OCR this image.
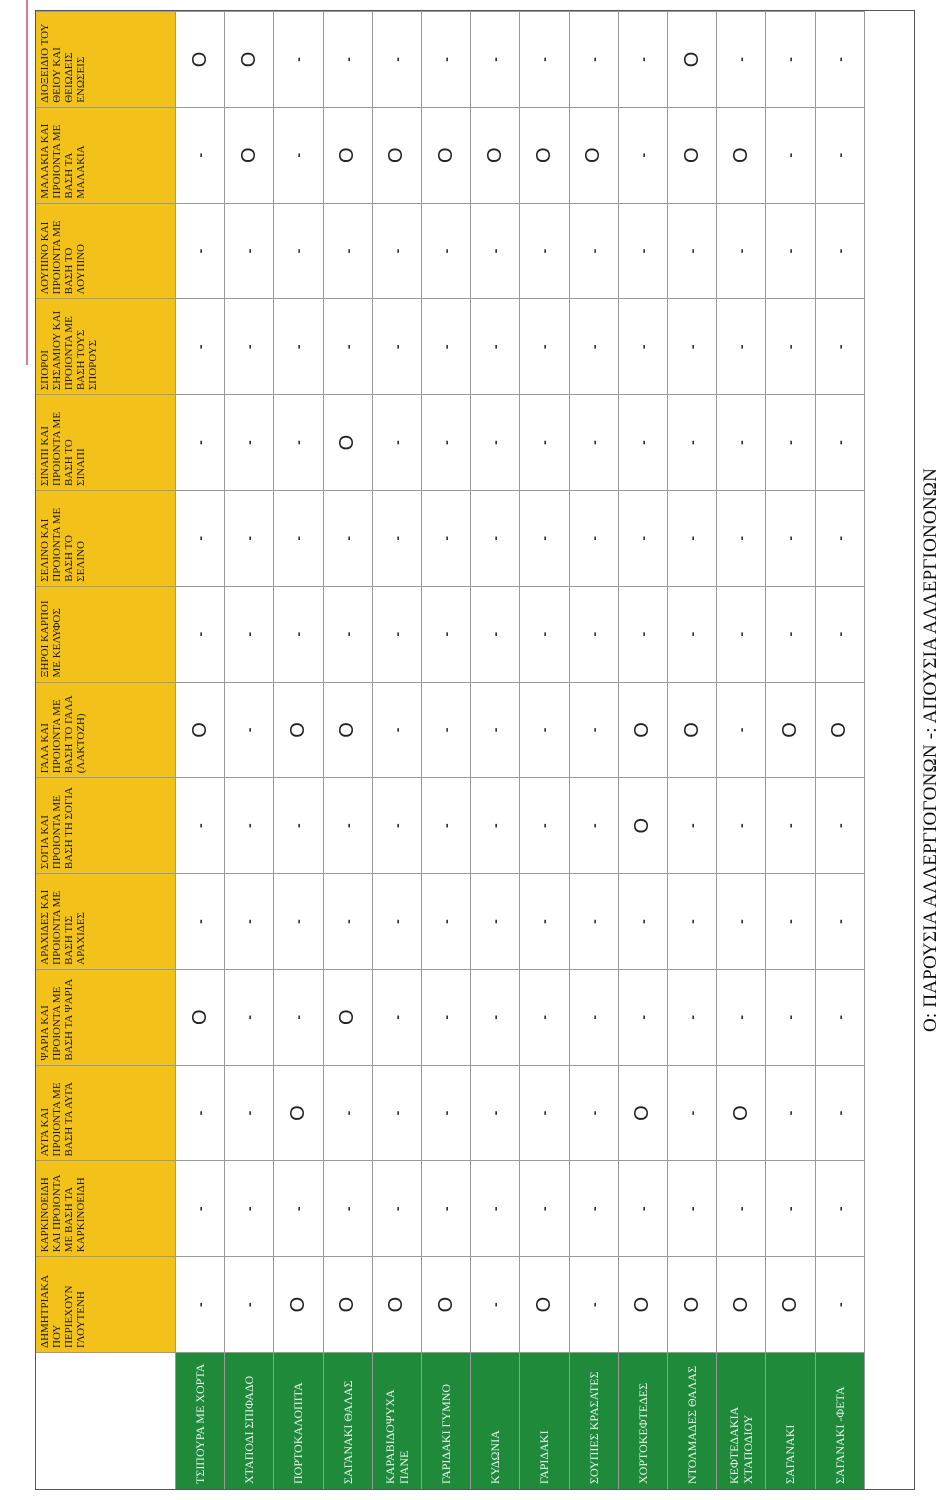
ΔΗΜΗΤΡΙΑΚΑ ΠΟΥ ΠΕΡΙΕΧΟΥΝ ΓΛΟΥΤΕΝΗ
ΚΑΡΚΙΝΟΕΙΔΗ ΚΑΙ ΠΡΟΙΟΝΤΑ ΜΕ ΒΑΣΗ ΤΑ ΚΑΡΚΙΝΟΕΙΔΗ
ΑΥΓΑ ΚΑΙ ΠΡΟΙΟΝΤΑ ΜΕ ΒΑΣΗ ΤΑ ΑΥΓΑ
ΨΑΡΙΑ ΚΑΙ ΠΡΟΙΟΝΤΑ ΜΕ ΒΑΣΗ ΤΑ ΨΑΡΙΑ
ΑΡΑΧΙΔΕΣ ΚΑΙ ΠΡΟΙΟΝΤΑ ΜΕ ΒΑΣΗ ΤΙΣ ΑΡΑΧΙΔΕΣ
ΣΟΓΙΑ ΚΑΙ ΠΡΟΙΟΝΤΑ ΜΕ ΒΑΣΗ ΤΗ ΣΟΓΙΑ
ΓΑΛΑ ΚΑΙ ΠΡΟΙΟΝΤΑ ΜΕ ΒΑΣΗ ΤΟ ΓΑΛΑ (ΛΑΚΤΟΖΗ)
ΞΗΡΟΙ ΚΑΡΠΟΙ ΜΕ ΚΕΛΥΦΟΣ
ΣΕΛΙΝΟ ΚΑΙ ΠΡΟΙΟΝΤΑ ΜΕ ΒΑΣΗ ΤΟ ΣΕΛΙΝΟ
ΣΙΝΑΠΙ ΚΑΙ ΠΡΟΙΟΝΤΑ ΜΕ ΒΑΣΗ ΤΟ ΣΙΝΑΠΙ
ΣΠΟΡΟΙ ΣΗΣΑΜΙΟΥ ΚΑΙ ΠΡΟΙΟΝΤΑ ΜΕ ΒΑΣΗ ΤΟΥΣ ΣΠΟΡΟΥΣ
ΛΟΥΠΙΝΟ ΚΑΙ ΠΡΟΙΟΝΤΑ ΜΕ ΒΑΣΗ ΤΟ ΛΟΥΠΙΝΟ
ΜΑΛΑΚΙΑ ΚΑΙ ΠΡΟΙΟΝΤΑ ΜΕ ΒΑΣΗ ΤΑ ΜΑΛΑΚΙΑ
ΔΙΟΞΕΙΔΙΟ ΤΟΥ ΘΕΙΟΥ ΚΑΙ ΘΕΙΩΔΕΙΣ ΕΝΩΣΕΙΣ
ΤΣΙΠΟΥΡΑ ΜΕ ΧΟΡΤΑ
-
-
-
O
-
-
O
-
-
-
-
-
-
O
ΧΤΑΠΟΔΙ ΣΠΙΦΑΔΟ
-
-
-
-
-
-
-
-
-
-
-
-
O
O
ΠΟΡΤΟΚΑΛΟΠΙΤΑ
O
-
O
-
-
-
O
-
-
-
-
-
-
-
ΣΑΓΑΝΑΚΙ ΘΑΛΑΣ
O
-
-
O
-
-
O
-
-
O
-
-
O
-
ΚΑΡΑΒΙΔΟΨΥΧΑ ΠΑΝΕ
O
-
-
-
-
-
-
-
-
-
-
-
O
-
ΓΑΡΙΔΑΚΙ ΓΥΜΝΟ
O
-
-
-
-
-
-
-
-
-
-
-
O
-
ΚΥΔΩΝΙΑ
-
-
-
-
-
-
-
-
-
-
-
-
O
-
ΓΑΡΙΔΑΚΙ
O
-
-
-
-
-
-
-
-
-
-
-
O
-
ΣΟΥΠΙΕΣ ΚΡΑΣΑΤΕΣ
-
-
-
-
-
-
-
-
-
-
-
-
O
-
ΧΟΡΤΟΚΕΦΤΕΔΕΣ
O
-
O
-
-
O
O
-
-
-
-
-
-
-
ΝΤΟΛΜΑΔΕΣ ΘΑΛΑΣ
O
-
-
-
-
-
O
-
-
-
-
-
O
O
ΚΕΦΤΕΔΑΚΙΑ ΧΤΑΠΟΔΙΟΥ
O
-
O
-
-
-
-
-
-
-
-
-
O
-
ΣΑΓΑΝΑΚΙ
O
-
-
-
-
-
O
-
-
-
-
-
-
-
ΣΑΓΑΝΑΚΙ -ΦΕΤΑ
-
-
-
-
-
-
O
-
-
-
-
-
-
-
Ο: ΠΑΡΟΥΣΙΑ ΑΛΛΕΡΓΙΟΓΟΝΩΝ -: ΑΠΟΥΣΙΑ ΑΛΛΕΡΓΙΟΝΟΝΩΝ
